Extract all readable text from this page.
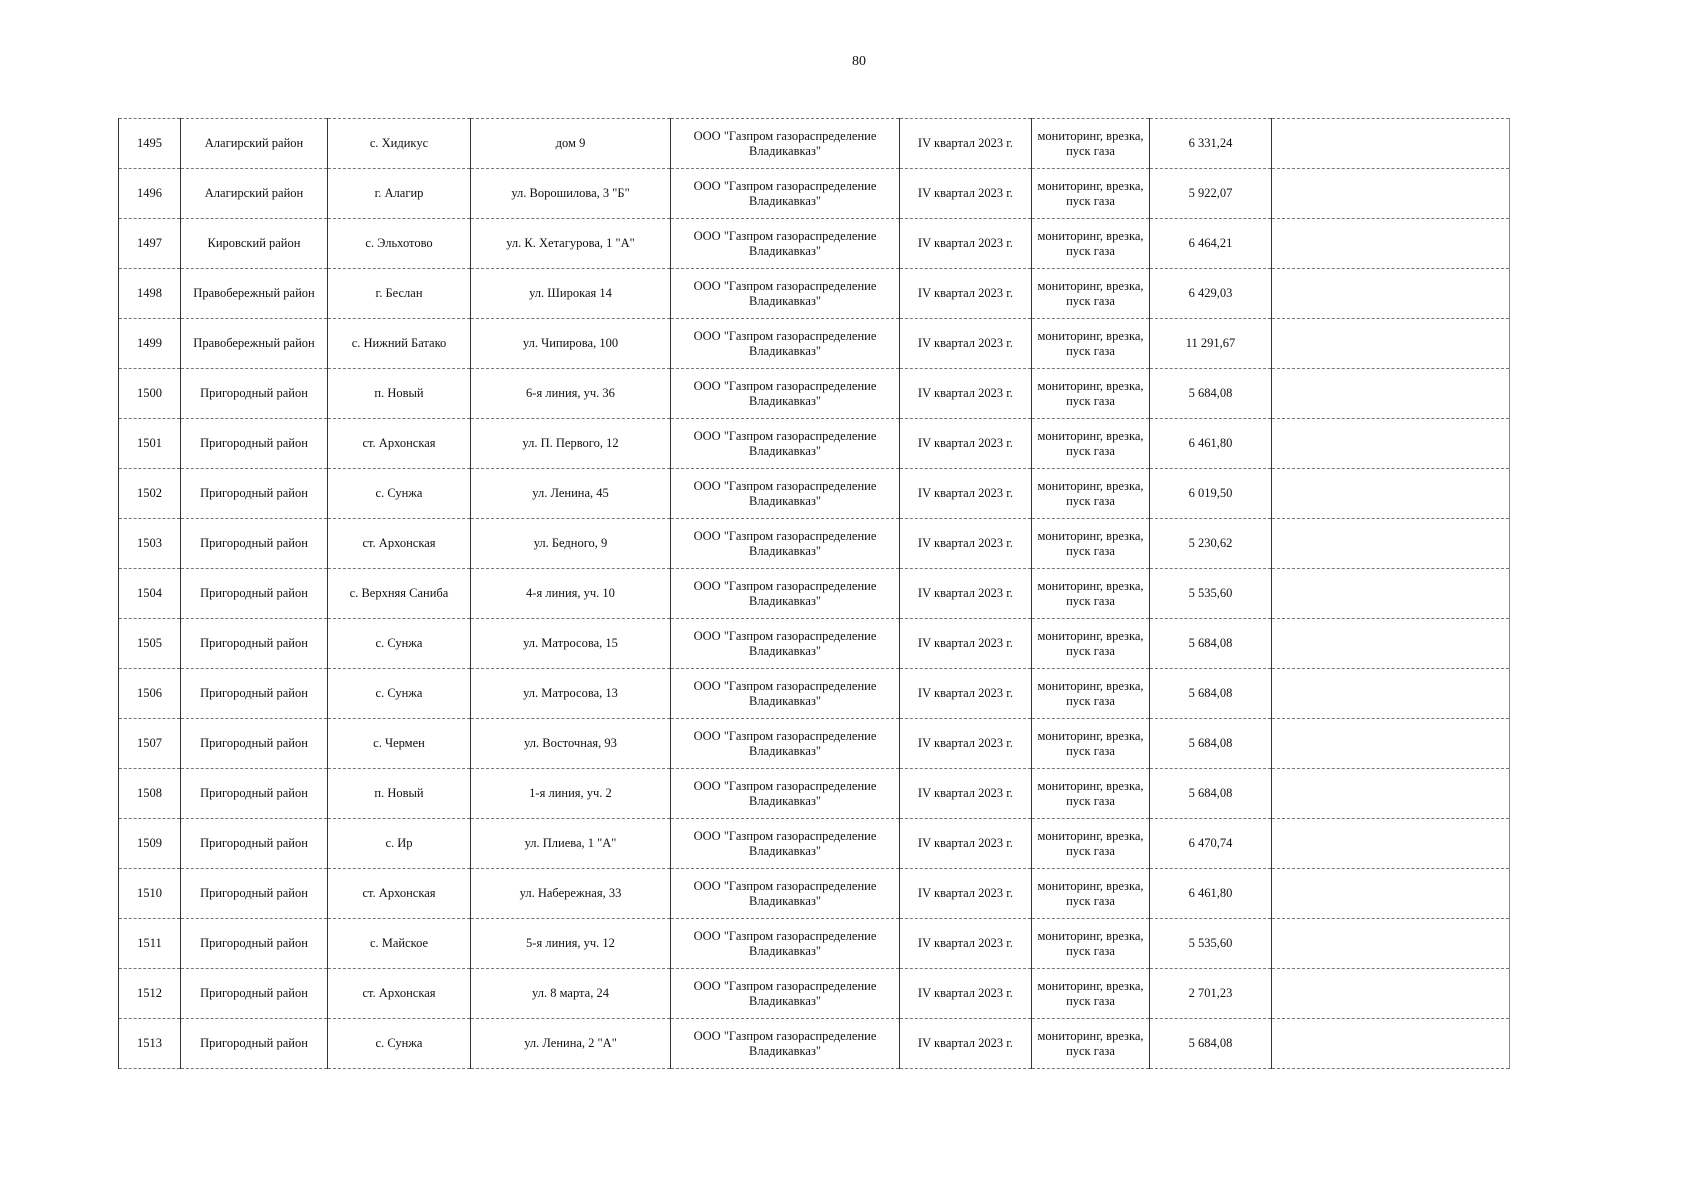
80
1495	Алагирский район	с. Хидикус	дом 9	ООО "Газпром газораспределение Владикавказ"	IV квартал 2023 г.	мониторинг, врезка, пуск газа	6 331,24	
1496	Алагирский район	г. Алагир	ул. Ворошилова, 3 "Б"	ООО "Газпром газораспределение Владикавказ"	IV квартал 2023 г.	мониторинг, врезка, пуск газа	5 922,07	
1497	Кировский район	с. Эльхотово	ул. К. Хетагурова, 1 "А"	ООО "Газпром газораспределение Владикавказ"	IV квартал 2023 г.	мониторинг, врезка, пуск газа	6 464,21	
1498	Правобережный район	г. Беслан	ул. Широкая 14	ООО "Газпром газораспределение Владикавказ"	IV квартал 2023 г.	мониторинг, врезка, пуск газа	6 429,03	
1499	Правобережный район	с. Нижний Батако	ул. Чипирова, 100	ООО "Газпром газораспределение Владикавказ"	IV квартал 2023 г.	мониторинг, врезка, пуск газа	11 291,67	
1500	Пригородный район	п. Новый	6-я линия, уч. 36	ООО "Газпром газораспределение Владикавказ"	IV квартал 2023 г.	мониторинг, врезка, пуск газа	5 684,08	
1501	Пригородный район	ст. Архонская	ул. П. Первого, 12	ООО "Газпром газораспределение Владикавказ"	IV квартал 2023 г.	мониторинг, врезка, пуск газа	6 461,80	
1502	Пригородный район	с. Сунжа	ул. Ленина, 45	ООО "Газпром газораспределение Владикавказ"	IV квартал 2023 г.	мониторинг, врезка, пуск газа	6 019,50	
1503	Пригородный район	ст. Архонская	ул. Бедного, 9	ООО "Газпром газораспределение Владикавказ"	IV квартал 2023 г.	мониторинг, врезка, пуск газа	5 230,62	
1504	Пригородный район	с. Верхняя Саниба	4-я линия, уч. 10	ООО "Газпром газораспределение Владикавказ"	IV квартал 2023 г.	мониторинг, врезка, пуск газа	5 535,60	
1505	Пригородный район	с. Сунжа	ул. Матросова, 15	ООО "Газпром газораспределение Владикавказ"	IV квартал 2023 г.	мониторинг, врезка, пуск газа	5 684,08	
1506	Пригородный район	с. Сунжа	ул. Матросова, 13	ООО "Газпром газораспределение Владикавказ"	IV квартал 2023 г.	мониторинг, врезка, пуск газа	5 684,08	
1507	Пригородный район	с. Чермен	ул. Восточная, 93	ООО "Газпром газораспределение Владикавказ"	IV квартал 2023 г.	мониторинг, врезка, пуск газа	5 684,08	
1508	Пригородный район	п. Новый	1-я линия, уч. 2	ООО "Газпром газораспределение Владикавказ"	IV квартал 2023 г.	мониторинг, врезка, пуск газа	5 684,08	
1509	Пригородный район	с. Ир	ул. Плиева, 1 "А"	ООО "Газпром газораспределение Владикавказ"	IV квартал 2023 г.	мониторинг, врезка, пуск газа	6 470,74	
1510	Пригородный район	ст. Архонская	ул. Набережная, 33	ООО "Газпром газораспределение Владикавказ"	IV квартал 2023 г.	мониторинг, врезка, пуск газа	6 461,80	
1511	Пригородный район	с. Майское	5-я линия, уч. 12	ООО "Газпром газораспределение Владикавказ"	IV квартал 2023 г.	мониторинг, врезка, пуск газа	5 535,60	
1512	Пригородный район	ст. Архонская	ул. 8 марта, 24	ООО "Газпром газораспределение Владикавказ"	IV квартал 2023 г.	мониторинг, врезка, пуск газа	2 701,23	
1513	Пригородный район	с. Сунжа	ул. Ленина, 2 "А"	ООО "Газпром газораспределение Владикавказ"	IV квартал 2023 г.	мониторинг, врезка, пуск газа	5 684,08	
